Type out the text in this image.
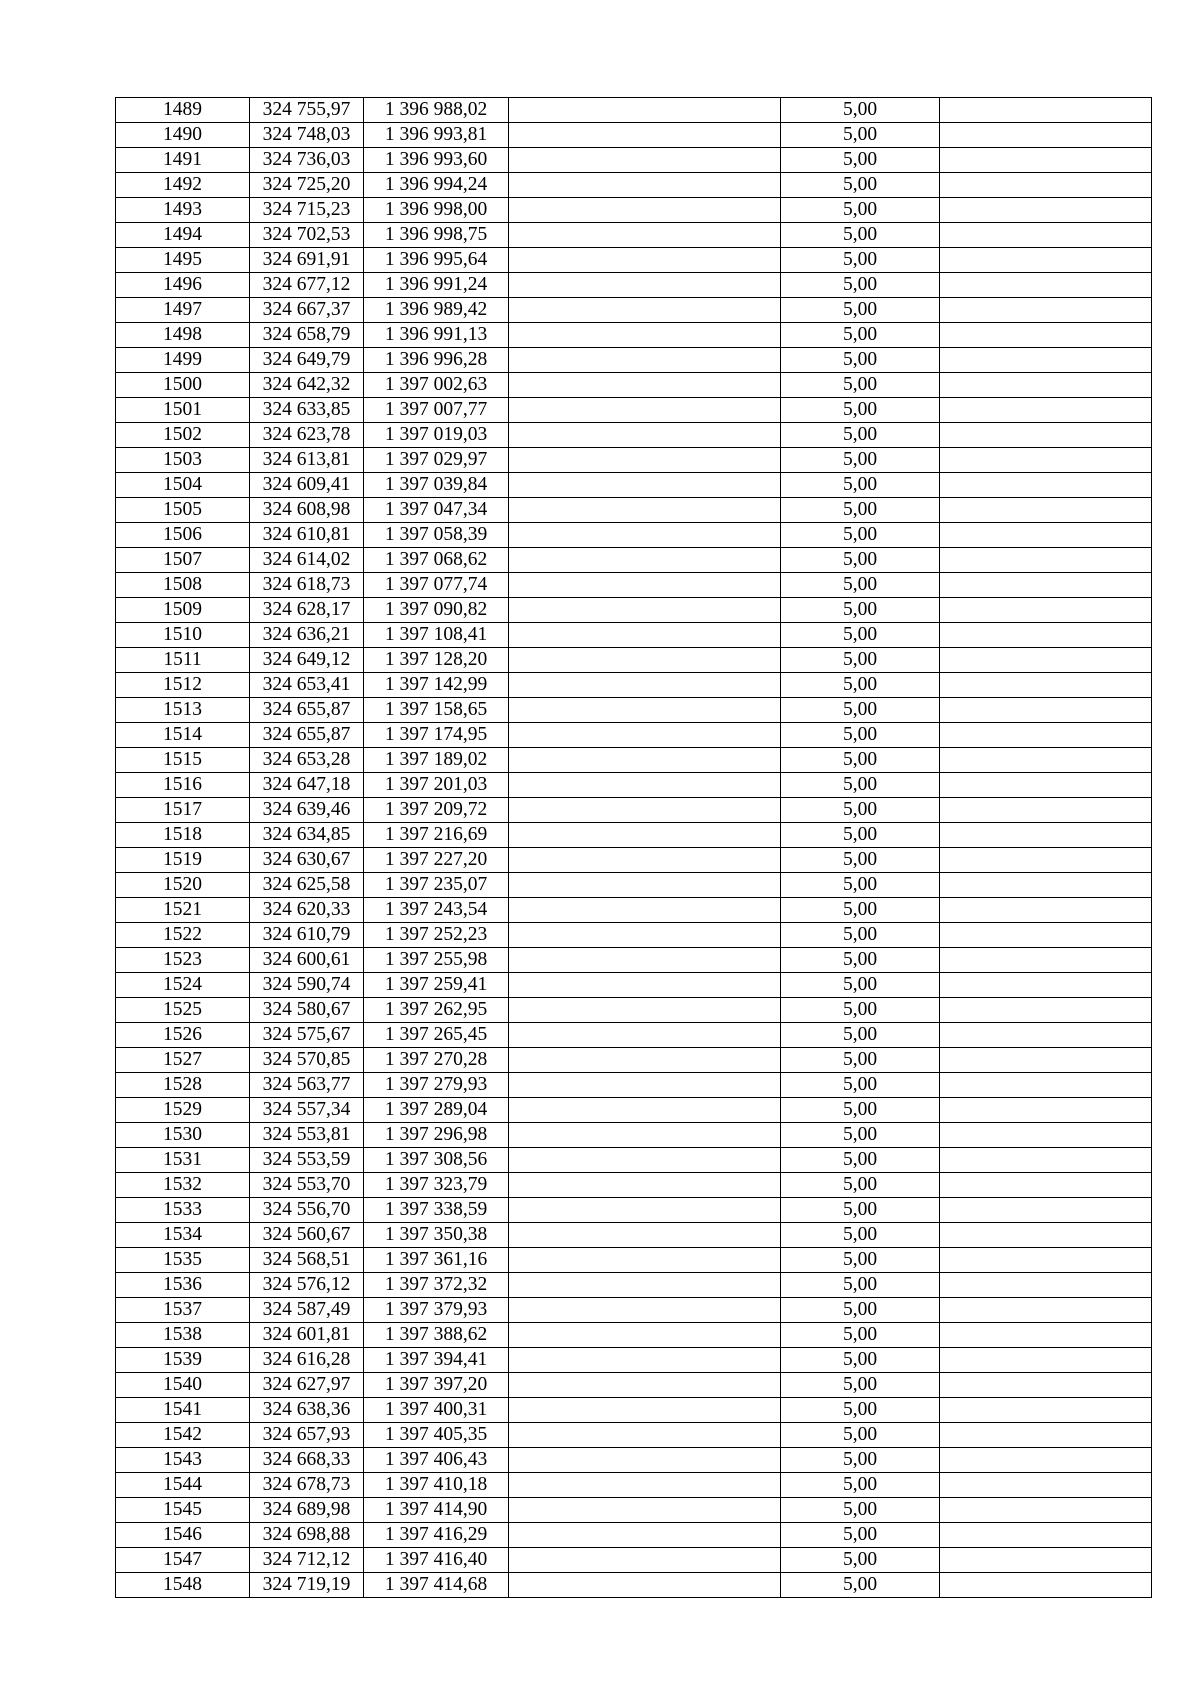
1489	324 755,97	1 396 988,02		5,00	
1490	324 748,03	1 396 993,81		5,00	
1491	324 736,03	1 396 993,60		5,00	
1492	324 725,20	1 396 994,24		5,00	
1493	324 715,23	1 396 998,00		5,00	
1494	324 702,53	1 396 998,75		5,00	
1495	324 691,91	1 396 995,64		5,00	
1496	324 677,12	1 396 991,24		5,00	
1497	324 667,37	1 396 989,42		5,00	
1498	324 658,79	1 396 991,13		5,00	
1499	324 649,79	1 396 996,28		5,00	
1500	324 642,32	1 397 002,63		5,00	
1501	324 633,85	1 397 007,77		5,00	
1502	324 623,78	1 397 019,03		5,00	
1503	324 613,81	1 397 029,97		5,00	
1504	324 609,41	1 397 039,84		5,00	
1505	324 608,98	1 397 047,34		5,00	
1506	324 610,81	1 397 058,39		5,00	
1507	324 614,02	1 397 068,62		5,00	
1508	324 618,73	1 397 077,74		5,00	
1509	324 628,17	1 397 090,82		5,00	
1510	324 636,21	1 397 108,41		5,00	
1511	324 649,12	1 397 128,20		5,00	
1512	324 653,41	1 397 142,99		5,00	
1513	324 655,87	1 397 158,65		5,00	
1514	324 655,87	1 397 174,95		5,00	
1515	324 653,28	1 397 189,02		5,00	
1516	324 647,18	1 397 201,03		5,00	
1517	324 639,46	1 397 209,72		5,00	
1518	324 634,85	1 397 216,69		5,00	
1519	324 630,67	1 397 227,20		5,00	
1520	324 625,58	1 397 235,07		5,00	
1521	324 620,33	1 397 243,54		5,00	
1522	324 610,79	1 397 252,23		5,00	
1523	324 600,61	1 397 255,98		5,00	
1524	324 590,74	1 397 259,41		5,00	
1525	324 580,67	1 397 262,95		5,00	
1526	324 575,67	1 397 265,45		5,00	
1527	324 570,85	1 397 270,28		5,00	
1528	324 563,77	1 397 279,93		5,00	
1529	324 557,34	1 397 289,04		5,00	
1530	324 553,81	1 397 296,98		5,00	
1531	324 553,59	1 397 308,56		5,00	
1532	324 553,70	1 397 323,79		5,00	
1533	324 556,70	1 397 338,59		5,00	
1534	324 560,67	1 397 350,38		5,00	
1535	324 568,51	1 397 361,16		5,00	
1536	324 576,12	1 397 372,32		5,00	
1537	324 587,49	1 397 379,93		5,00	
1538	324 601,81	1 397 388,62		5,00	
1539	324 616,28	1 397 394,41		5,00	
1540	324 627,97	1 397 397,20		5,00	
1541	324 638,36	1 397 400,31		5,00	
1542	324 657,93	1 397 405,35		5,00	
1543	324 668,33	1 397 406,43		5,00	
1544	324 678,73	1 397 410,18		5,00	
1545	324 689,98	1 397 414,90		5,00	
1546	324 698,88	1 397 416,29		5,00	
1547	324 712,12	1 397 416,40		5,00	
1548	324 719,19	1 397 414,68		5,00	
